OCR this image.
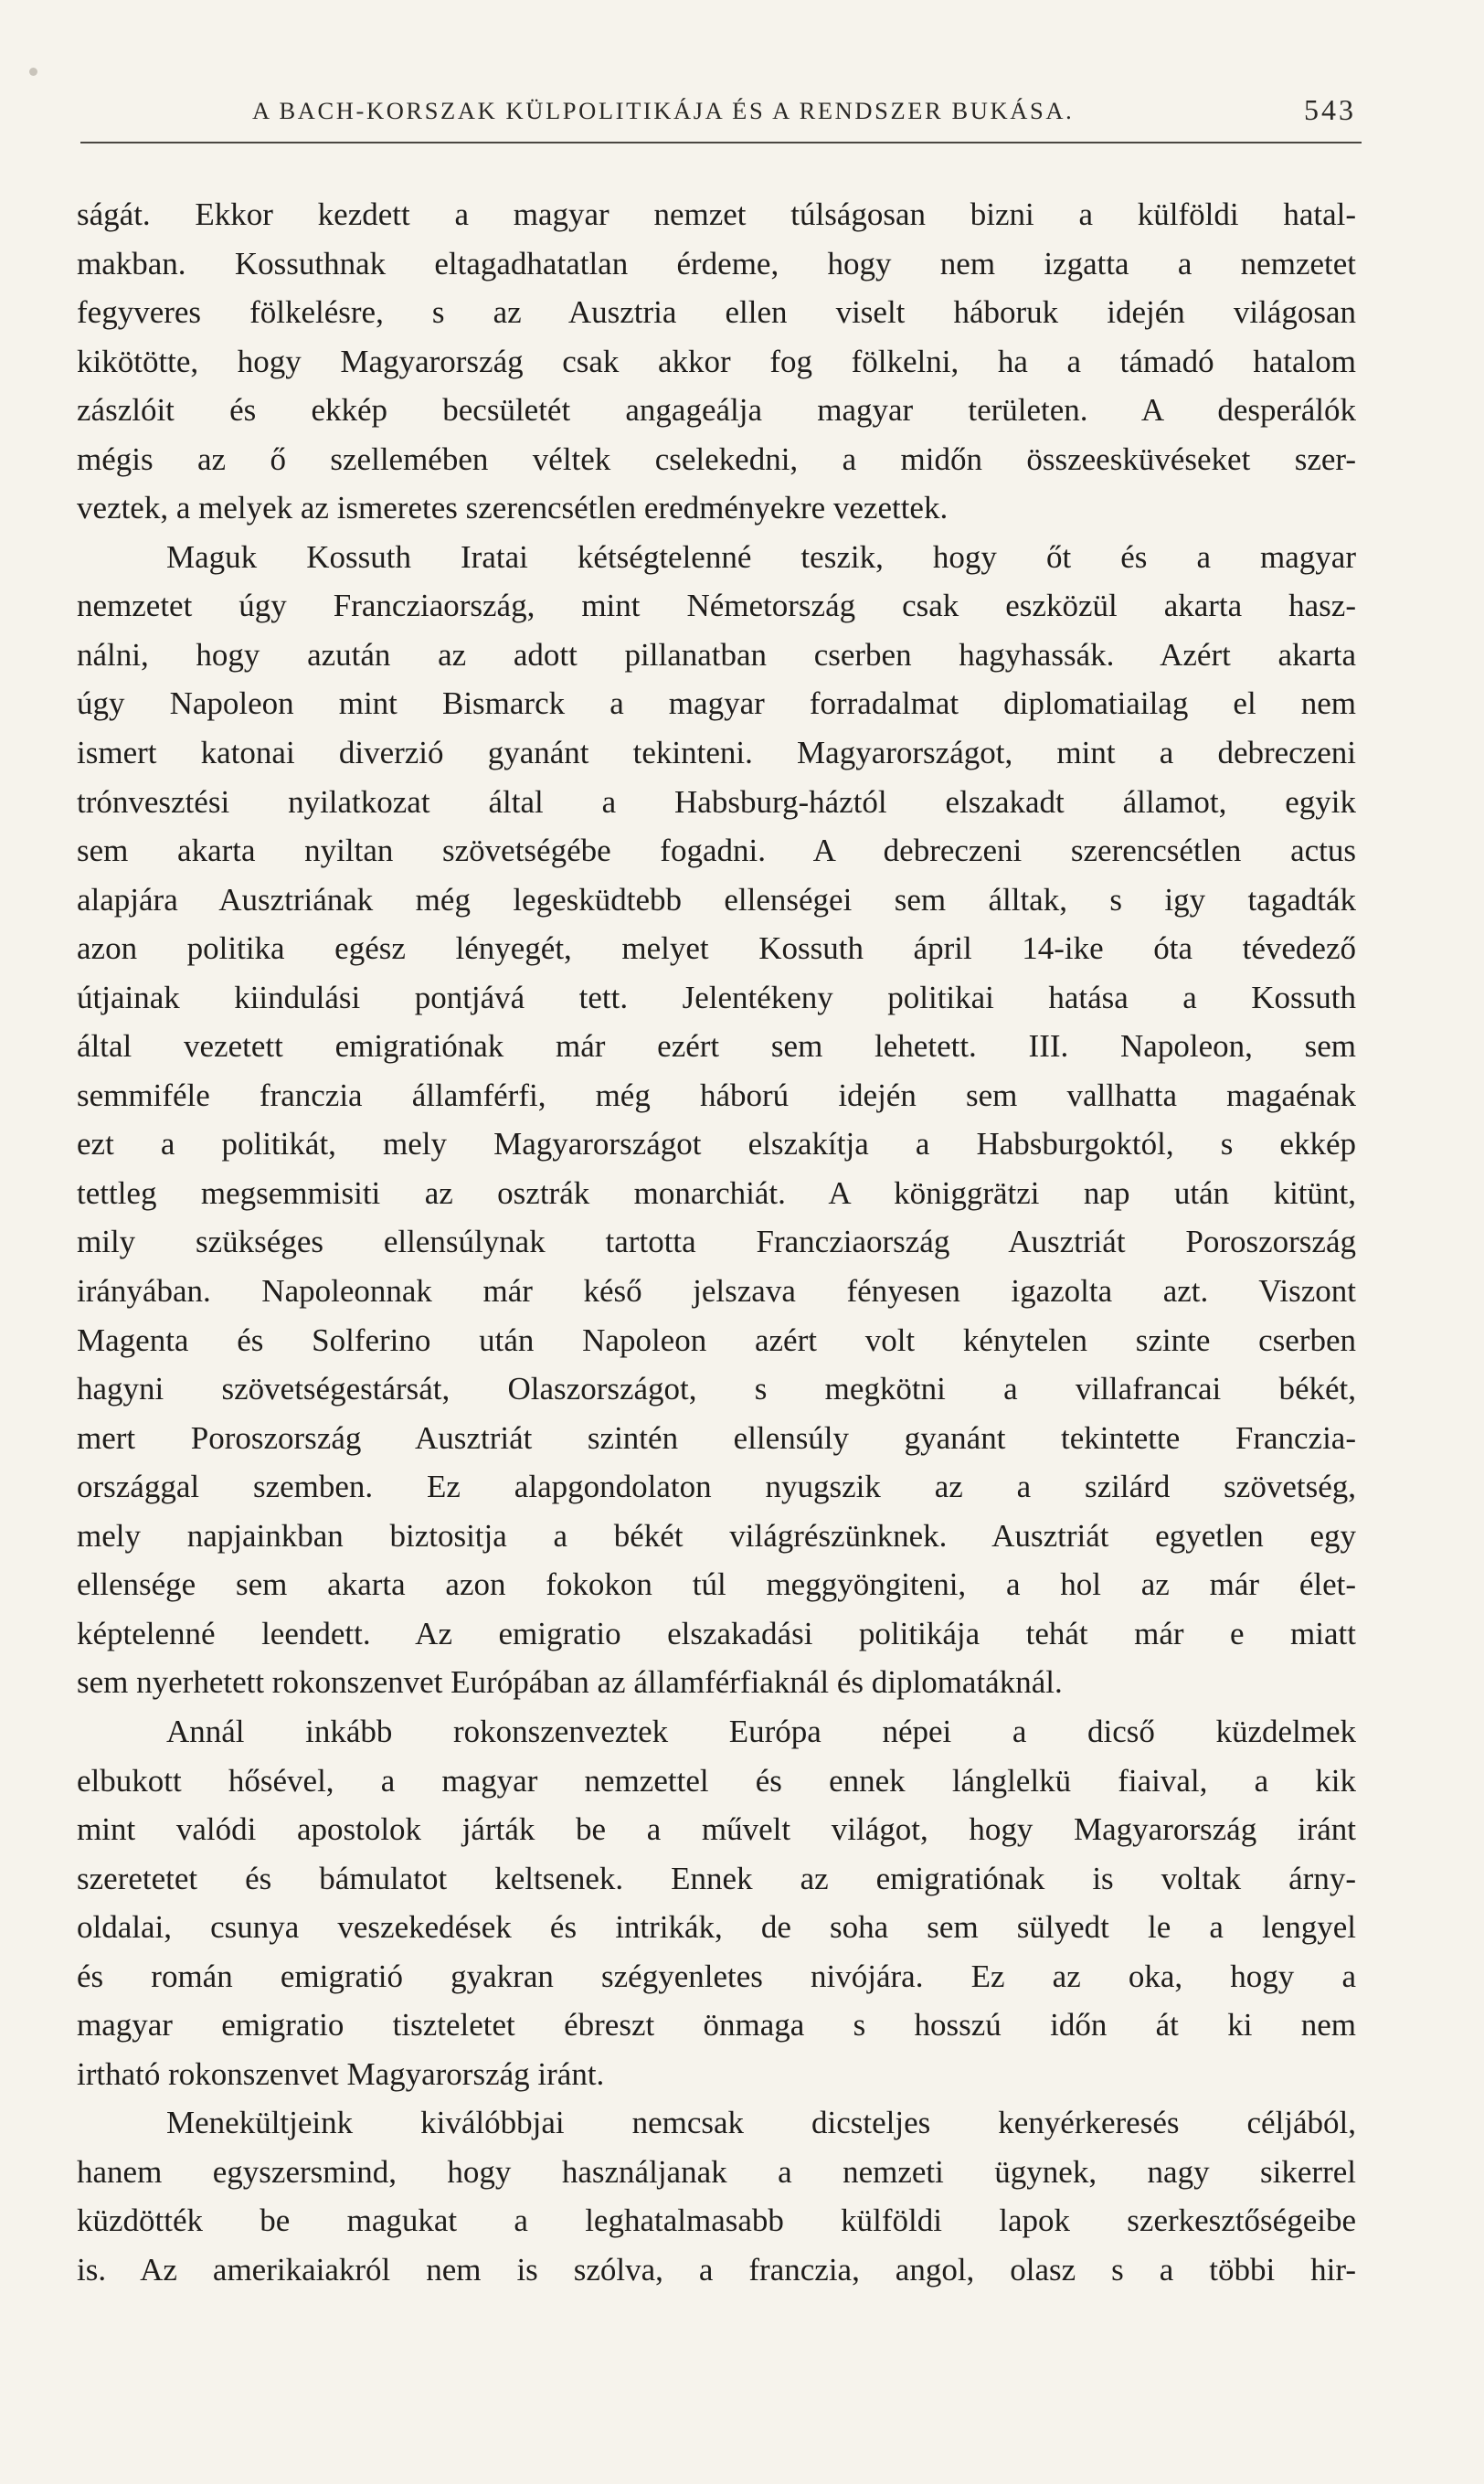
A BACH-KORSZAK KÜLPOLITIKÁJA ÉS A RENDSZER BUKÁSA.	543
ságát. Ekkor kezdett a magyar nemzet túlságosan bizni a külföldi hatal-
makban. Kossuthnak eltagadhatatlan érdeme, hogy nem izgatta a nemzetet
fegyveres fölkelésre, s az Ausztria ellen viselt háboruk idején világosan
kikötötte, hogy Magyarország csak akkor fog fölkelni, ha a támadó hatalom
zászlóit és ekkép becsületét angageálja magyar területen. A desperálók
mégis az ő szellemében véltek cselekedni, a midőn összeesküvéseket szer-
veztek, a melyek az ismeretes szerencsétlen eredményekre vezettek.
Maguk Kossuth Iratai kétségtelenné teszik, hogy őt és a magyar
nemzetet úgy Francziaország, mint Németország csak eszközül akarta hasz-
nálni, hogy azután az adott pillanatban cserben hagyhassák. Azért akarta
úgy Napoleon mint Bismarck a magyar forradalmat diplomatiailag el nem
ismert katonai diverzió gyanánt tekinteni. Magyarországot, mint a debreczeni
trónvesztési nyilatkozat által a Habsburg-háztól elszakadt államot, egyik
sem akarta nyiltan szövetségébe fogadni. A debreczeni szerencsétlen actus
alapjára Ausztriának még legesküdtebb ellenségei sem álltak, s igy tagadták
azon politika egész lényegét, melyet Kossuth ápril 14-ike óta tévedező
útjainak kiindulási pontjává tett. Jelentékeny politikai hatása a Kossuth
által vezetett emigratiónak már ezért sem lehetett. III. Napoleon, sem
semmiféle franczia államférfi, még háború idején sem vallhatta magaénak
ezt a politikát, mely Magyarországot elszakítja a Habsburgoktól, s ekkép
tettleg megsemmisiti az osztrák monarchiát. A königgrätzi nap után kitünt,
mily szükséges ellensúlynak tartotta Francziaország Ausztriát Poroszország
irányában. Napoleonnak már késő jelszava fényesen igazolta azt. Viszont
Magenta és Solferino után Napoleon azért volt kénytelen szinte cserben
hagyni szövetségestársát, Olaszországot, s megkötni a villafrancai békét,
mert Poroszország Ausztriát szintén ellensúly gyanánt tekintette Franczia-
országgal szemben. Ez alapgondolaton nyugszik az a szilárd szövetség,
mely napjainkban biztositja a békét világrészünknek. Ausztriát egyetlen egy
ellensége sem akarta azon fokokon túl meggyöngiteni, a hol az már élet-
képtelenné leendett. Az emigratio elszakadási politikája tehát már e miatt
sem nyerhetett rokonszenvet Európában az államférfiaknál és diplomatáknál.
Annál inkább rokonszenveztek Európa népei a dicső küzdelmek
elbukott hősével, a magyar nemzettel és ennek lánglelkü fiaival, a kik
mint valódi apostolok járták be a művelt világot, hogy Magyarország iránt
szeretetet és bámulatot keltsenek. Ennek az emigratiónak is voltak árny-
oldalai, csunya veszekedések és intrikák, de soha sem sülyedt le a lengyel
és román emigratió gyakran szégyenletes nivójára. Ez az oka, hogy a
magyar emigratio tiszteletet ébreszt önmaga s hosszú időn át ki nem
irtható rokonszenvet Magyarország iránt.
Menekültjeink kiválóbbjai nemcsak dicsteljes kenyérkeresés céljából,
hanem egyszersmind, hogy használjanak a nemzeti ügynek, nagy sikerrel
küzdötték be magukat a leghatalmasabb külföldi lapok szerkesztőségeibe
is. Az amerikaiakról nem is szólva, a franczia, angol, olasz s a többi hir-
